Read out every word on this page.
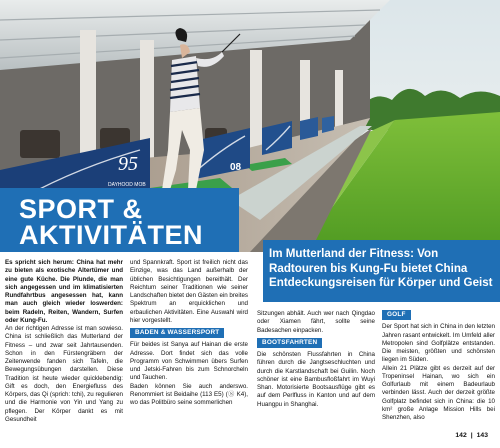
95
DAYHOOD MOB
08
SPORT &
AKTIVITÄTEN
Im Mutterland der Fitness: Von Radtouren bis Kung-Fu bietet China Entdeckungsreisen für Körper und Geist

Es spricht sich herum: China hat mehr zu bieten als exotische Altertümer und eine gute Küche. Die Plunde, die man sich angegessen und im klimatisierten Rundfahrtbus angesessen hat, kann man auch gleich wieder loswerden: beim Radeln, Reiten, Wandern, Surfen oder Kung-Fu.

An der richtigen Adresse ist man sowieso. China ist schließlich das Mutterland der Fitness – und zwar seit Jahrtausenden. Schon in den Fürstengräbern der Zeitenwende fanden sich Tafeln, die Bewegungsübungen darstellen. Diese Tradition ist heute wieder quicklebendig: Gift es doch, den Energiefluss des Körpers, das Qi (sprich: tchi), zu regulieren und die Harmonie von Yin und Yang zu pflegen. Der Körper dankt es mit Gesundheit

und Spannkraft. Sport ist freilich nicht das Einzige, was das Land außerhalb der üblichen Besichtigungen bereithält. Der Reichtum seiner Traditionen wie seiner Landschaften bietet den Gästen ein breites Spektrum an erquicklichen und erbaulichen Aktivitäten. Eine Auswahl wird hier vorgestellt.

BADEN & WASSERSPORT

Für beides ist Sanya auf Hainan die erste Adresse. Dort findet sich das volle Programm von Schwimmen übers Surfen und Jetski-Fahren bis zum Schnorcheln und Tauchen.

Baden können Sie auch anderswo. Renommiert ist Beidaihe (113 E5) (Ⓢ K4), wo das Politbüro seine sommerlichen

Sitzungen abhält. Auch wer nach Qingdao oder Xiamen fährt, sollte seine Badesachen einpacken.

BOOTSFAHRTEN

Die schönsten Flussfahrten in China führen durch die Jangtseschluchten und durch die Karstlandschaft bei Guilin. Noch schöner ist eine Bambusfloßfahrt im Wuyi Shan. Motorisierte Bootsausflüge gibt es auf dem Perlfluss in Kanton und auf dem Huangpu in Shanghai.

GOLF

Der Sport hat sich in China in den letzten Jahren rasant entwickelt. Im Umfeld aller Metropolen sind Golfplätze entstanden. Die meisten, größten und schönsten liegen im Süden.

Allein 21 Plätze gibt es derzeit auf der Tropeninsel Hainan, wo sich ein Golfurlaub mit einem Badeurlaub verbinden lässt. Auch der derzeit größte Golfplatz befindet sich in China: die 10 km² große Anlage Mission Hills bei Shenzhen, also

142 | 143
